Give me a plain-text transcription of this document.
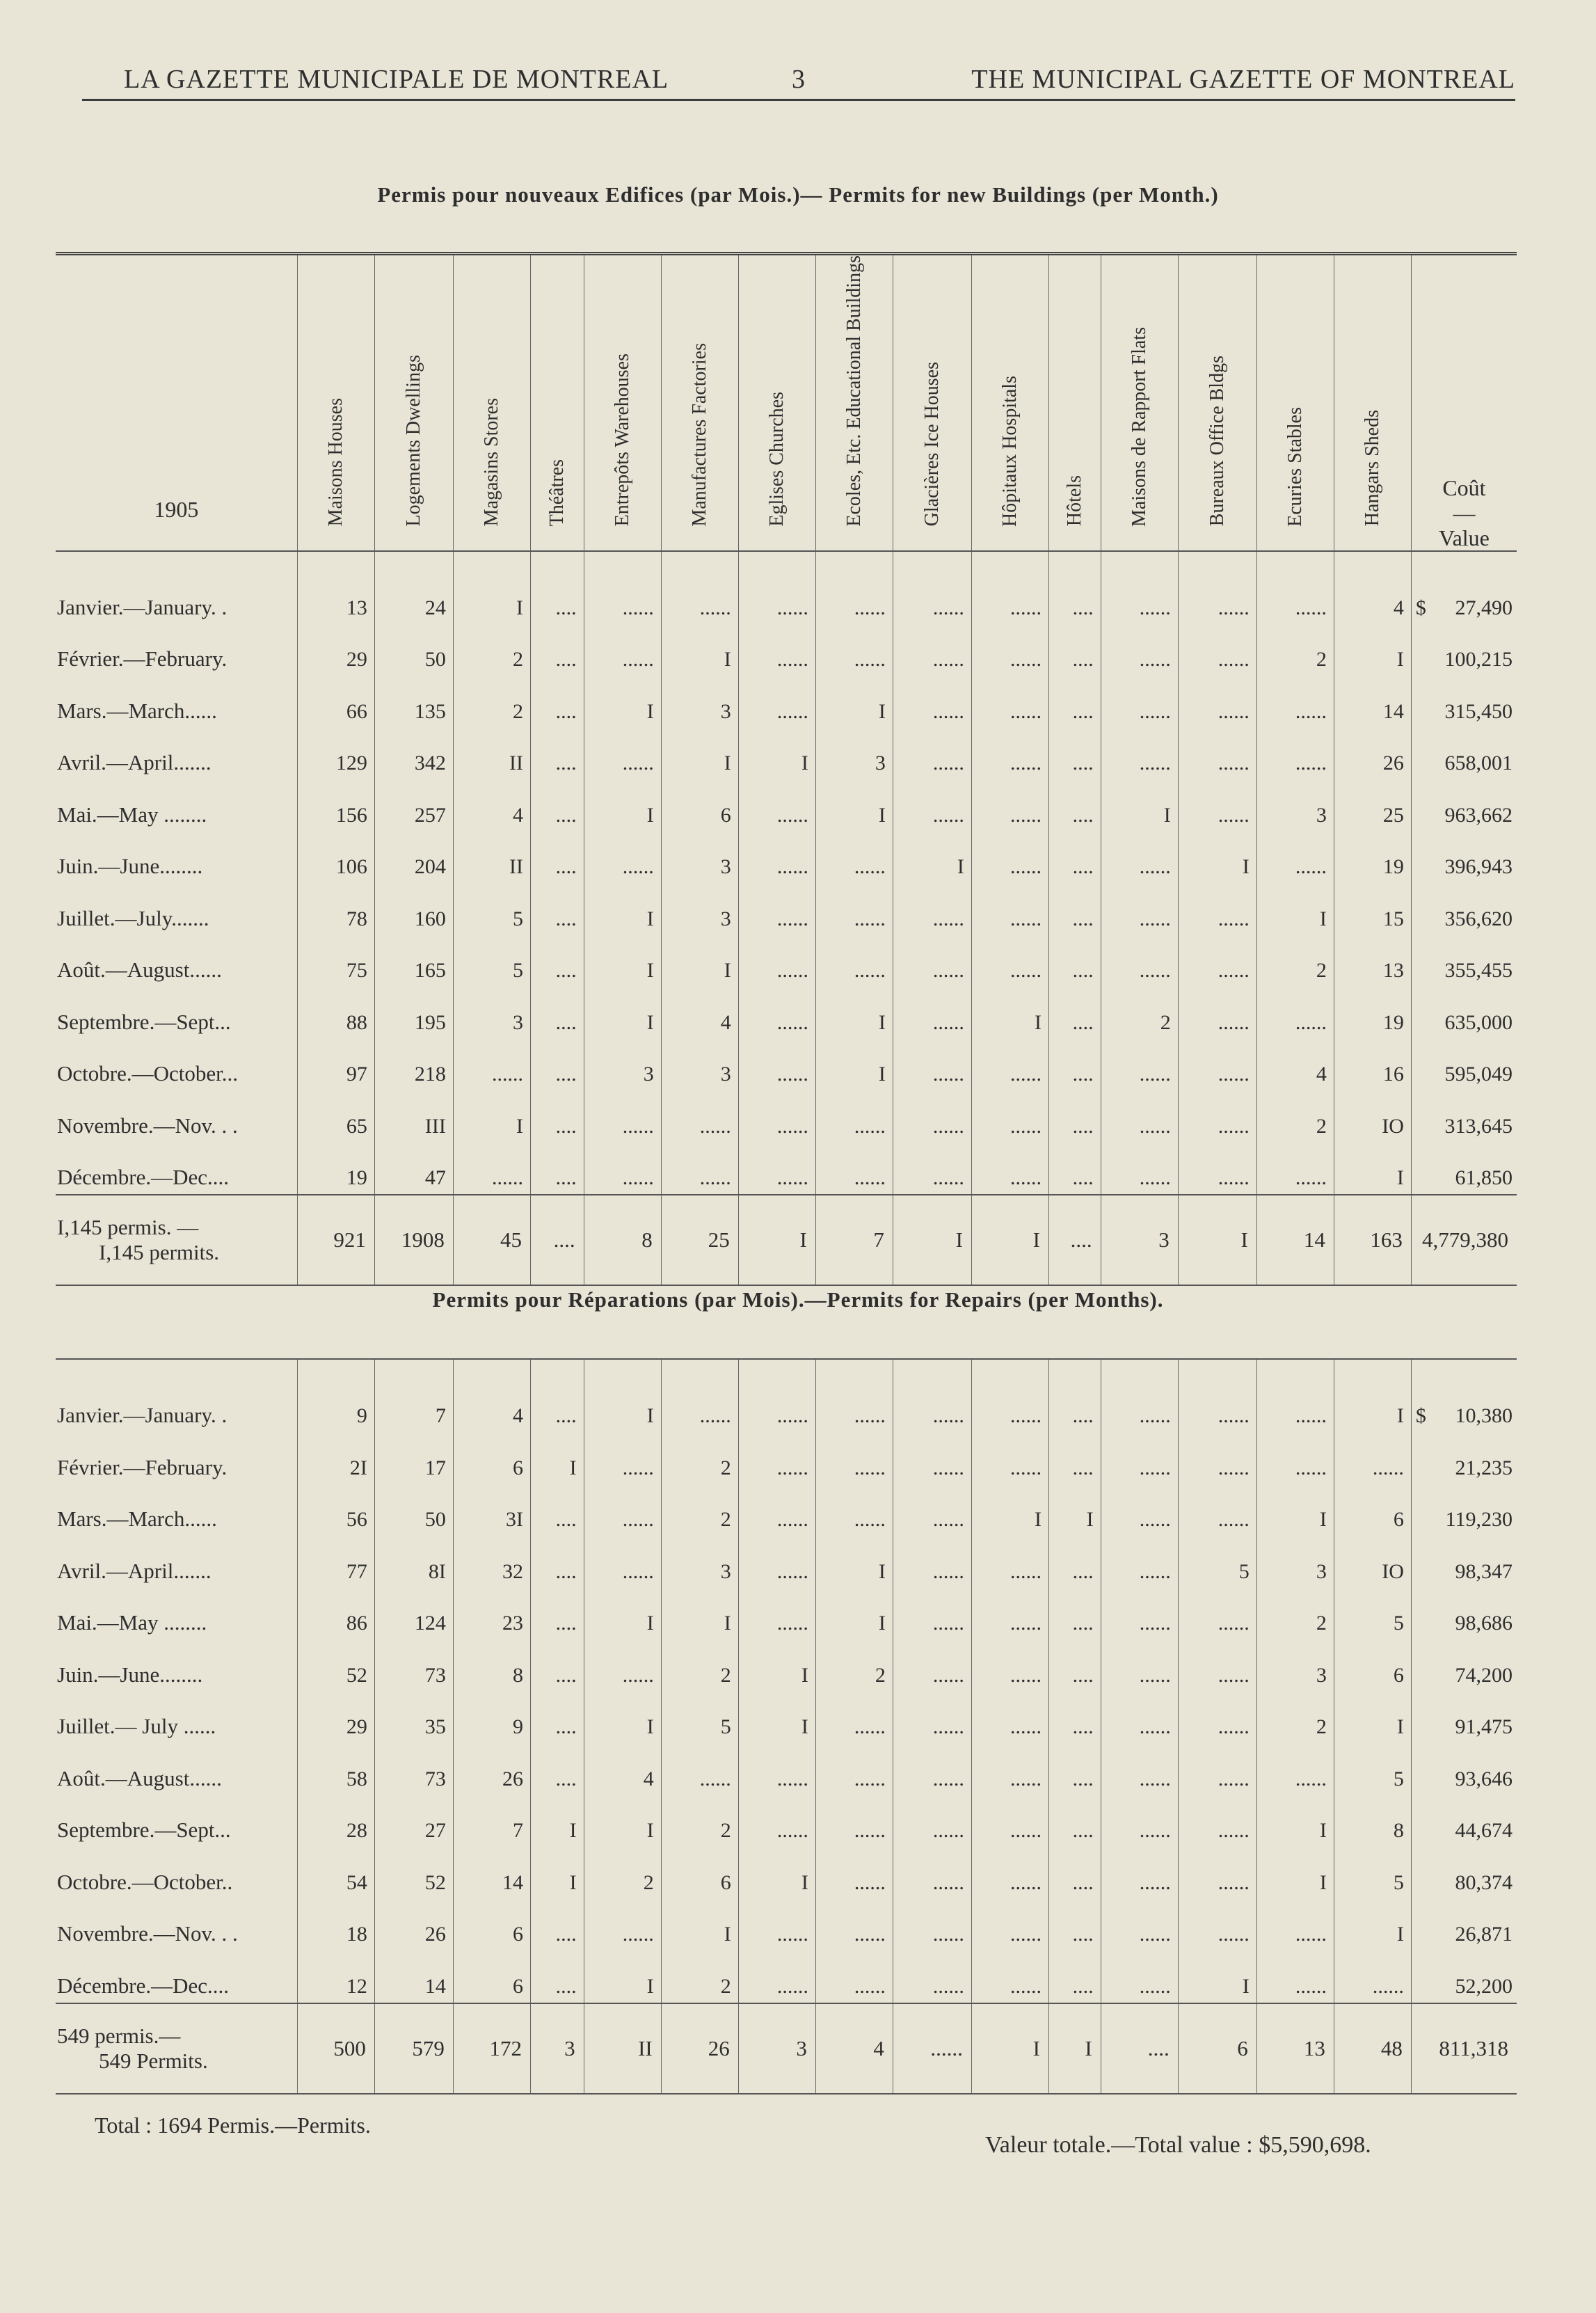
LA GAZETTE MUNICIPALE DE MONTREAL	3	THE MUNICIPAL GAZETTE OF MONTREAL
Permis pour nouveaux Edifices (par Mois.)— Permits for new Buildings (per Month.)
1905	Maisons Houses	Logements Dwellings	Magasins Stores	Théâtres	Entrepôts Warehouses	Manufactures Factories	Eglises Churches	Ecoles, Etc. Educational Buildings	Glacières Ice Houses	Hôpitaux Hospitals	Hôtels	Maisons de Rapport Flats	Bureaux Office Bldgs	Ecuries Stables	Hangars Sheds	Coût
—
Value

Janvier.—January. .	13	24	I	....	......	......	......	......	......	......	....	......	......	......	4	$ 27,490
Février.—February.	29	50	2	....	......	I	......	......	......	......	....	......	......	2	I	100,215
Mars.—March......	66	135	2	....	I	3	......	I	......	......	....	......	......	......	14	315,450
Avril.—April.......	129	342	II	....	......	I	I	3	......	......	....	......	......	......	26	658,001
Mai.—May ........	156	257	4	....	I	6	......	I	......	......	....	I	......	3	25	963,662
Juin.—June........	106	204	II	....	......	3	......	......	I	......	....	......	I	......	19	396,943
Juillet.—July.......	78	160	5	....	I	3	......	......	......	......	....	......	......	I	15	356,620
Août.—August......	75	165	5	....	I	I	......	......	......	......	....	......	......	2	13	355,455
Septembre.—Sept...	88	195	3	....	I	4	......	I	......	I	....	2	......	......	19	635,000
Octobre.—October...	97	218	......	....	3	3	......	I	......	......	....	......	......	4	16	595,049
Novembre.—Nov. . .	65	III	I	....	......	......	......	......	......	......	....	......	......	2	IO	313,645
Décembre.—Dec....	19	47	......	....	......	......	......	......	......	......	....	......	......	......	I	61,850
I,145 permis. —
I,145 permits.	921	1908	45	....	8	25	I	7	I	I	....	3	I	14	163	4,779,380
Permits pour Réparations (par Mois).—Permits for Repairs (per Months).
Janvier.—January. .	9	7	4	....	I	......	......	......	......	......	....	......	......	......	I	$ 10,380
Février.—February.	2I	17	6	I	......	2	......	......	......	......	....	......	......	......	......	21,235
Mars.—March......	56	50	3I	....	......	2	......	......	......	I	I	......	......	I	6	119,230
Avril.—April.......	77	8I	32	....	......	3	......	I	......	......	....	......	5	3	IO	98,347
Mai.—May ........	86	124	23	....	I	I	......	I	......	......	....	......	......	2	5	98,686
Juin.—June........	52	73	8	....	......	2	I	2	......	......	....	......	......	3	6	74,200
Juillet.— July ......	29	35	9	....	I	5	I	......	......	......	....	......	......	2	I	91,475
Août.—August......	58	73	26	....	4	......	......	......	......	......	....	......	......	......	5	93,646
Septembre.—Sept...	28	27	7	I	I	2	......	......	......	......	....	......	......	I	8	44,674
Octobre.—October..	54	52	14	I	2	6	I	......	......	......	....	......	......	I	5	80,374
Novembre.—Nov. . .	18	26	6	....	......	I	......	......	......	......	....	......	......	......	I	26,871
Décembre.—Dec....	12	14	6	....	I	2	......	......	......	......	....	......	I	......	......	52,200
549 permis.—
549 Permits.	500	579	172	3	II	26	3	4	......	I	I	....	6	13	48	811,318
Total : 1694 Permis.—Permits.
Valeur totale.—Total value : $5,590,698.
